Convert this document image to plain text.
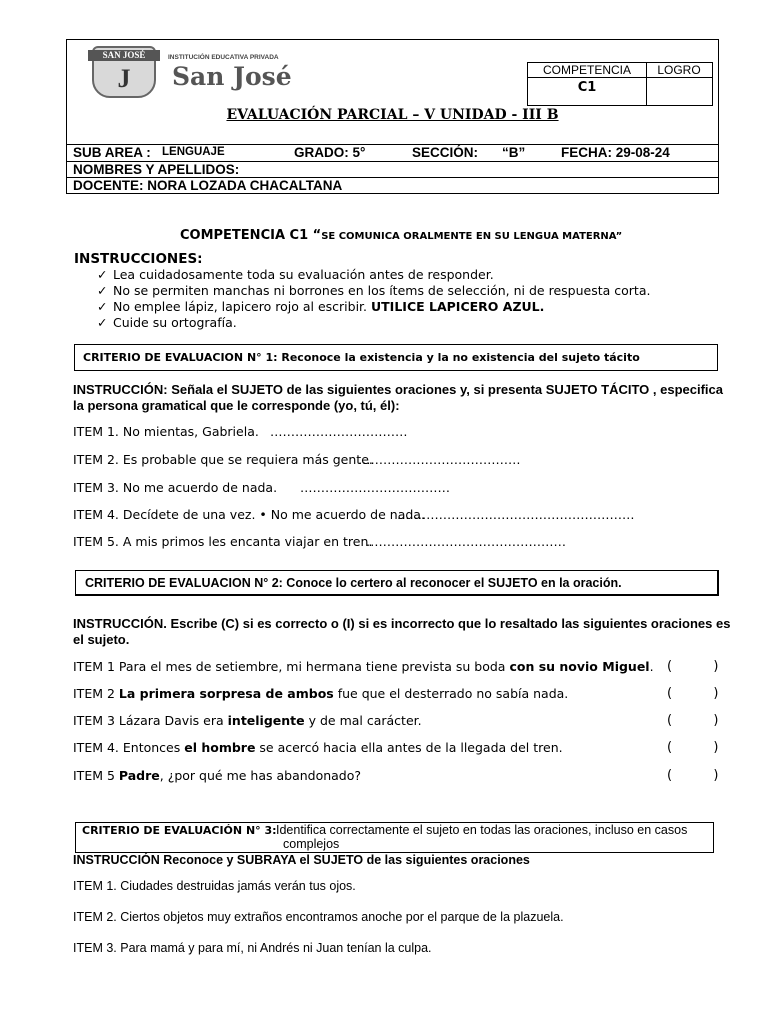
SAN JOSÉ
J
INSTITUCIÓN EDUCATIVA PRIVADA
San José	COMPETENCIA	LOGRO
C1
EVALUACIÓN PARCIAL – V UNIDAD - III B
SUB AREA : LENGUAJE	GRADO: 5°	SECCIÓN: “B”	FECHA: 29-08-24
NOMBRES Y APELLIDOS:
DOCENTE: NORA LOZADA CHACALTANA
COMPETENCIA C1 “SE COMUNICA ORALMENTE EN SU LENGUA MATERNA”
INSTRUCCIONES:
✓ Lea cuidadosamente toda su evaluación antes de responder.
✓ No se permiten manchas ni borrones en los ítems de selección, ni de respuesta corta.
✓ No emplee lápiz, lapicero rojo al escribir. UTILICE LAPICERO AZUL.
✓ Cuide su ortografía.
CRITERIO DE EVALUACION N° 1: Reconoce la existencia y la no existencia del sujeto tácito
INSTRUCCIÓN: Señala el SUJETO de las siguientes oraciones y, si presenta SUJETO TÁCITO , especifica
la persona gramatical que le corresponde (yo, tú, él):
ITEM 1. No mientas, Gabriela. ……………………………
ITEM 2. Es probable que se requiera más gente.
…………………………………
ITEM 3. No me acuerdo de nada. ………………………………
ITEM 4. Decídete de una vez. • No me acuerdo de nada.
…………………………………………………
ITEM 5. A mis primos les encanta viajar en tren.
…………………………………………
CRITERIO DE EVALUACION N° 2: Conoce lo certero al reconocer el SUJETO en la oración.
INSTRUCCIÓN. Escribe (C) si es correcto o (I) si es incorrecto que lo resaltado las siguientes oraciones es
el sujeto.
ITEM 1 Para el mes de setiembre, mi hermana tiene prevista su boda con su novio Miguel. (          )
ITEM 2 La primera sorpresa de ambos fue que el desterrado no sabía nada.	(          )
ITEM 3 Lázara Davis era inteligente y de mal carácter.	(          )
ITEM 4. Entonces el hombre se acercó hacia ella antes de la llegada del tren.	(          )
ITEM 5 Padre, ¿por qué me has abandonado?	(          )
CRITERIO DE EVALUACIÓN N° 3: Identifica correctamente el sujeto en todas las oraciones, incluso en casos
complejos
INSTRUCCIÓN Reconoce y SUBRAYA el SUJETO de las siguientes oraciones
ITEM 1. Ciudades destruidas jamás verán tus ojos.
ITEM 2. Ciertos objetos muy extraños encontramos anoche por el parque de la plazuela.
ITEM 3. Para mamá y para mí, ni Andrés ni Juan tenían la culpa.
